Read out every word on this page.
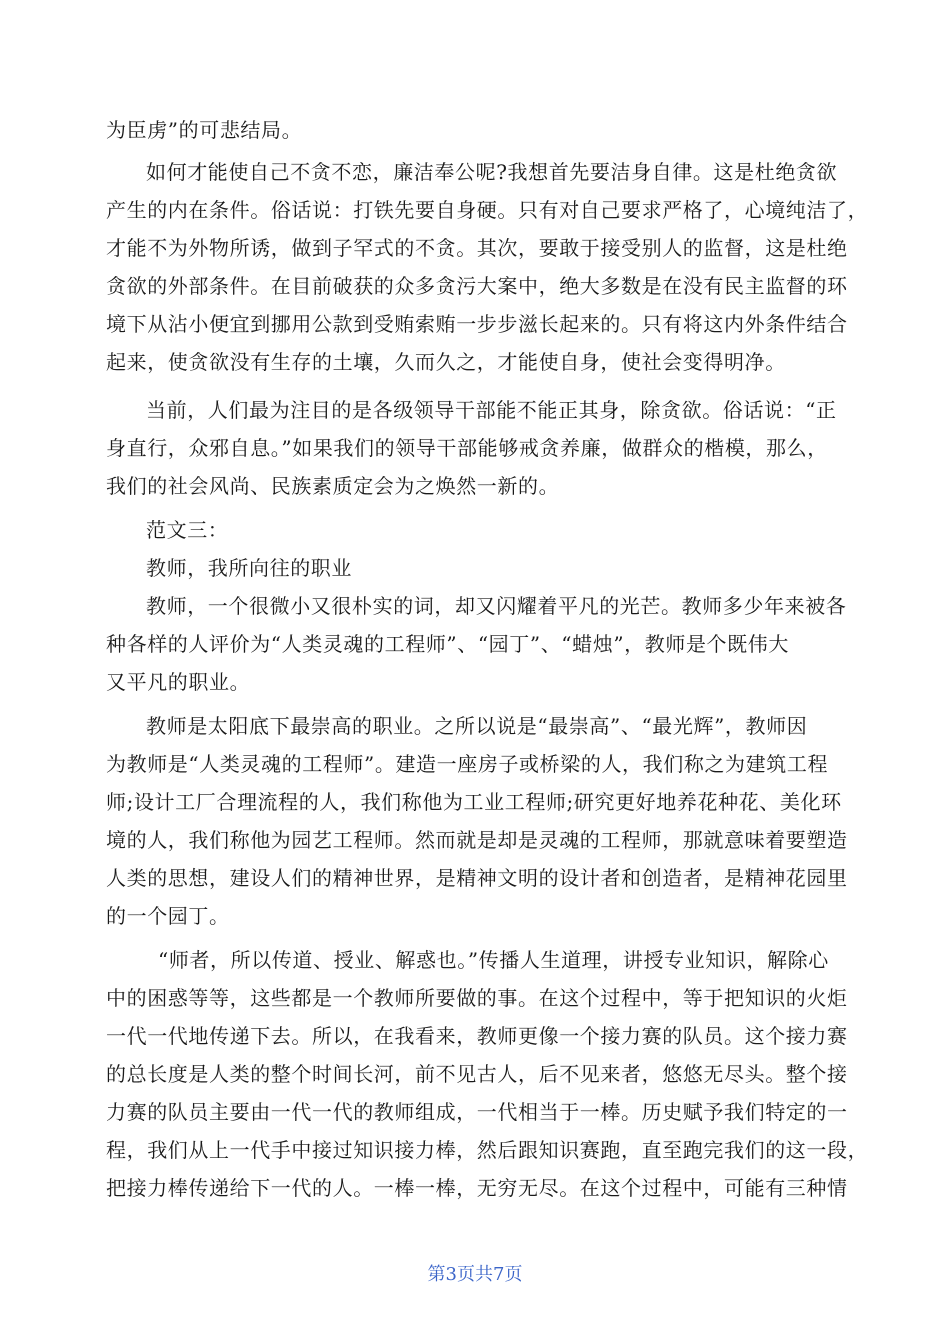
为臣虏”的可悲结局。
如何才能使自己不贪不恋，廉洁奉公呢?我想首先要洁身自律。这是杜绝贪欲
产生的内在条件。俗话说：打铁先要自身硬。只有对自己要求严格了，心境纯洁了，
才能不为外物所诱，做到子罕式的不贪。其次，要敢于接受别人的监督，这是杜绝
贪欲的外部条件。在目前破获的众多贪污大案中，绝大多数是在没有民主监督的环
境下从沾小便宜到挪用公款到受贿索贿一步步滋长起来的。只有将这内外条件结合
起来，使贪欲没有生存的土壤，久而久之，才能使自身，使社会变得明净。
当前，人们最为注目的是各级领导干部能不能正其身，除贪欲。俗话说：“正
身直行，众邪自息。”如果我们的领导干部能够戒贪养廉，做群众的楷模，那么，
我们的社会风尚、民族素质定会为之焕然一新的。
范文三：
教师，我所向往的职业
教师，一个很微小又很朴实的词，却又闪耀着平凡的光芒。教师多少年来被各
种各样的人评价为“人类灵魂的工程师”、“园丁”、“蜡烛”，教师是个既伟大
又平凡的职业。
教师是太阳底下最崇高的职业。之所以说是“最崇高”、“最光辉”，教师因
为教师是“人类灵魂的工程师”。建造一座房子或桥梁的人，我们称之为建筑工程
师;设计工厂合理流程的人，我们称他为工业工程师;研究更好地养花种花、美化环
境的人，我们称他为园艺工程师。然而就是却是灵魂的工程师，那就意味着要塑造
人类的思想，建设人们的精神世界，是精神文明的设计者和创造者，是精神花园里
的一个园丁。
“师者，所以传道、授业、解惑也。”传播人生道理，讲授专业知识，解除心
中的困惑等等，这些都是一个教师所要做的事。在这个过程中，等于把知识的火炬
一代一代地传递下去。所以，在我看来，教师更像一个接力赛的队员。这个接力赛
的总长度是人类的整个时间长河，前不见古人，后不见来者，悠悠无尽头。整个接
力赛的队员主要由一代一代的教师组成，一代相当于一棒。历史赋予我们特定的一
程，我们从上一代手中接过知识接力棒，然后跟知识赛跑，直至跑完我们的这一段，
把接力棒传递给下一代的人。一棒一棒，无穷无尽。在这个过程中，可能有三种情
第3页共7页
